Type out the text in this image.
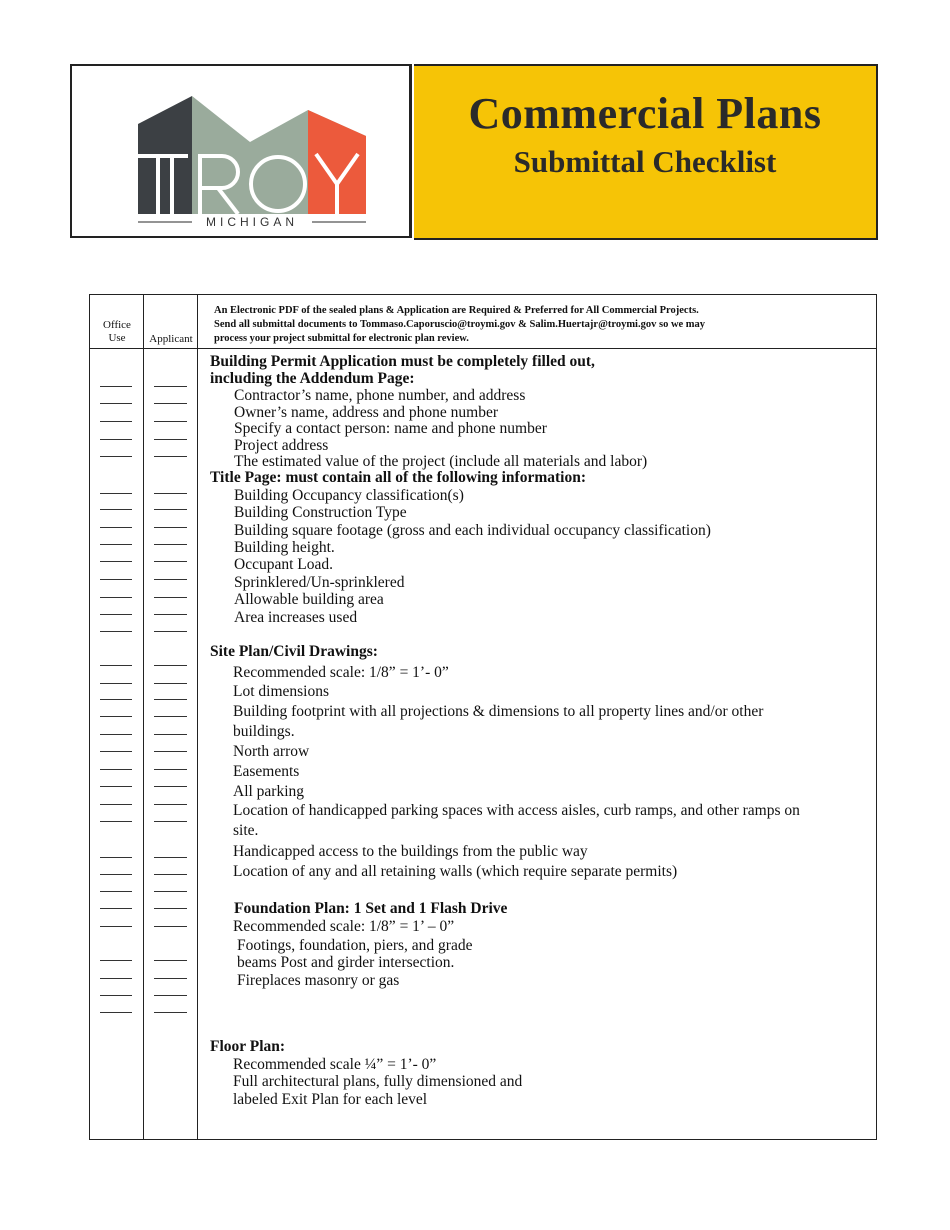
MICHIGAN
Commercial Plans
Submittal Checklist
Office Use	Applicant
An Electronic PDF of the sealed plans & Application are Required & Preferred for All Commercial Projects.
Send all submittal documents to Tommaso.Caporuscio@troymi.gov & Salim.Huertajr@troymi.gov so we may
process your project submittal for electronic plan review.
Building Permit Application must be completely filled out,
including the Addendum Page:
Contractor’s name, phone number, and address
Owner’s name, address and phone number
Specify a contact person: name and phone number
Project address
The estimated value of the project (include all materials and labor)
Title Page: must contain all of the following information:
Building Occupancy classification(s)
Building Construction Type
Building square footage (gross and each individual occupancy classification)
Building height.
Occupant Load.
Sprinklered/Un-sprinklered
Allowable building area
Area increases used
Site Plan/Civil Drawings:
Recommended scale: 1/8” = 1’- 0”
Lot dimensions
Building footprint with all projections & dimensions to all property lines and/or other
buildings.
North arrow
Easements
All parking
Location of handicapped parking spaces with access aisles, curb ramps, and other ramps on
site.
Handicapped access to the buildings from the public way
Location of any and all retaining walls (which require separate permits)
Foundation Plan: 1 Set and 1 Flash Drive
Recommended scale: 1/8” = 1’ – 0”
Footings, foundation, piers, and grade
beams Post and girder intersection.
Fireplaces masonry or gas
Floor Plan:
Recommended scale ¼” = 1’- 0”
Full architectural plans, fully dimensioned and
labeled Exit Plan for each level
